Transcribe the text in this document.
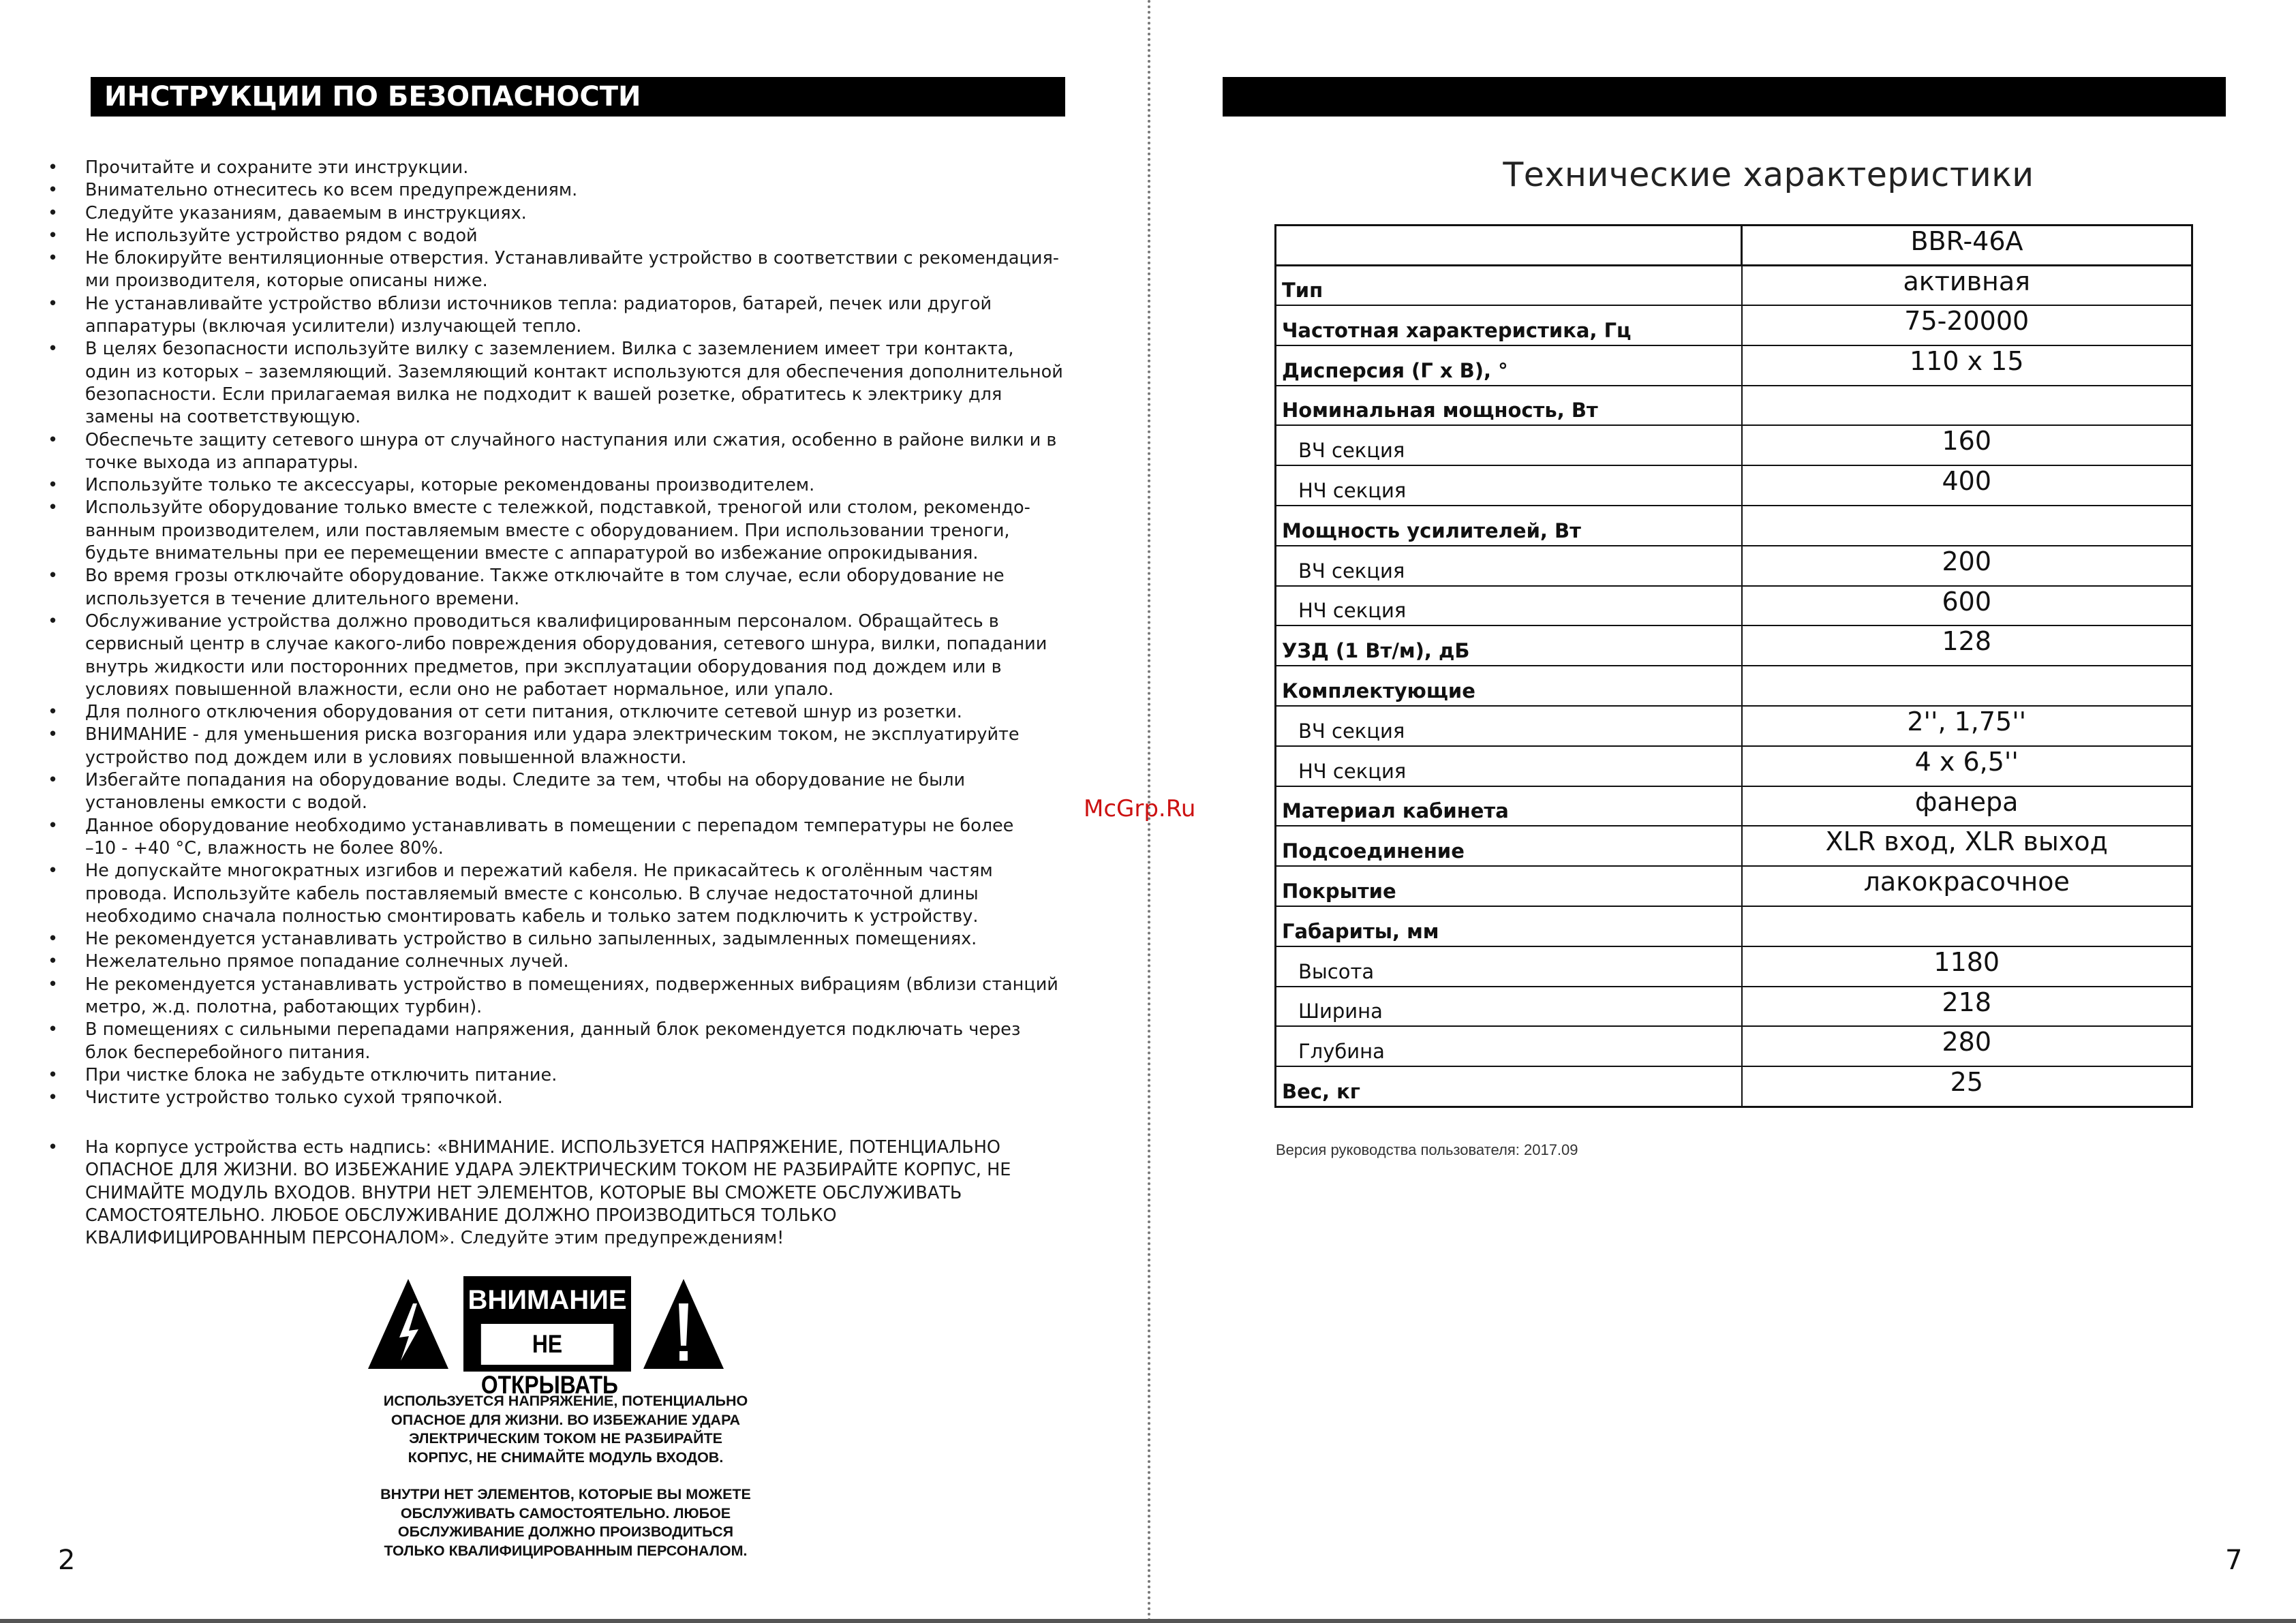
ИНСТРУКЦИИ ПО БЕЗОПАСНОСТИ
• Прочитайте и сохраните эти инструкции.
• Внимательно отнеситесь ко всем предупреждениям.
• Следуйте указаниям, даваемым в инструкциях.
• Не используйте устройство рядом с водой
• Не блокируйте вентиляционные отверстия. Устанавливайте устройство в соответствии с рекомендация-
ми производителя, которые описаны ниже.
• Не устанавливайте устройство вблизи источников тепла: радиаторов, батарей, печек или другой
аппаратуры (включая усилители) излучающей тепло.
• В целях безопасности используйте вилку с заземлением. Вилка с заземлением имеет три контакта,
один из которых – заземляющий. Заземляющий контакт используются для обеспечения дополнительной
безопасности. Если прилагаемая вилка не подходит к вашей розетке, обратитесь к электрику для
замены на соответствующую.
• Обеспечьте защиту сетевого шнура от случайного наступания или сжатия, особенно в районе вилки и в
точке выхода из аппаратуры.
• Используйте только те аксессуары, которые рекомендованы производителем.
• Используйте оборудование только вместе с тележкой, подставкой, треногой или столом, рекомендо-
ванным производителем, или поставляемым вместе с оборудованием. При использовании треноги,
будьте внимательны при ее перемещении вместе с аппаратурой во избежание опрокидывания.
• Во время грозы отключайте оборудование. Также отключайте в том случае, если оборудование не
используется в течение длительного времени.
• Обслуживание устройства должно проводиться квалифицированным персоналом. Обращайтесь в
сервисный центр в случае какого-либо повреждения оборудования, сетевого шнура, вилки, попадании
внутрь жидкости или посторонних предметов, при эксплуатации оборудования под дождем или в
условиях повышенной влажности, если оно не работает нормальное, или упало.
• Для полного отключения оборудования от сети питания, отключите сетевой шнур из розетки.
• ВНИМАНИЕ - для уменьшения риска возгорания или удара электрическим током, не эксплуатируйте
устройство под дождем или в условиях повышенной влажности.
• Избегайте попадания на оборудование воды. Следите за тем, чтобы на оборудование не были
установлены емкости с водой.
• Данное оборудование необходимо устанавливать в помещении с перепадом температуры не более
–10 - +40 °С, влажность не более 80%.
• Не допускайте многократных изгибов и пережатий кабеля. Не прикасайтесь к оголённым частям
провода. Используйте кабель поставляемый вместе с консолью. В случае недостаточной длины
необходимо сначала полностью смонтировать кабель и только затем подключить к устройству.
• Не рекомендуется устанавливать устройство в сильно запыленных, задымленных помещениях.
• Нежелательно прямое попадание солнечных лучей.
• Не рекомендуется устанавливать устройство в помещениях, подверженных вибрациям (вблизи станций
метро, ж.д. полотна, работающих турбин).
• В помещениях с сильными перепадами напряжения, данный блок рекомендуется подключать через
блок бесперебойного питания.
• При чистке блока не забудьте отключить питание.
• Чистите устройство только сухой тряпочкой.
• На корпусе устройства есть надпись: «ВНИМАНИЕ. ИСПОЛЬЗУЕТСЯ НАПРЯЖЕНИЕ, ПОТЕНЦИАЛЬНО
ОПАСНОЕ ДЛЯ ЖИЗНИ. ВО ИЗБЕЖАНИЕ УДАРА ЭЛЕКТРИЧЕСКИМ ТОКОМ НЕ РАЗБИРАЙТЕ КОРПУС, НЕ
СНИМАЙТЕ МОДУЛЬ ВХОДОВ. ВНУТРИ НЕТ ЭЛЕМЕНТОВ, КОТОРЫЕ ВЫ СМОЖЕТЕ ОБСЛУЖИВАТЬ
САМОСТОЯТЕЛЬНО. ЛЮБОЕ ОБСЛУЖИВАНИЕ ДОЛЖНО ПРОИЗВОДИТЬСЯ ТОЛЬКО
КВАЛИФИЦИРОВАННЫМ ПЕРСОНАЛОМ». Следуйте этим предупреждениям!
ВНИМАНИЕ
НЕ ОТКРЫВАТЬ

ИСПОЛЬЗУЕТСЯ НАПРЯЖЕНИЕ, ПОТЕНЦИАЛЬНО
ОПАСНОЕ ДЛЯ ЖИЗНИ. ВО ИЗБЕЖАНИЕ УДАРА
ЭЛЕКТРИЧЕСКИМ ТОКОМ НЕ РАЗБИРАЙТЕ
КОРПУС, НЕ СНИМАЙТЕ МОДУЛЬ ВХОДОВ.

ВНУТРИ НЕТ ЭЛЕМЕНТОВ, КОТОРЫЕ ВЫ МОЖЕТЕ
ОБСЛУЖИВАТЬ САМОСТОЯТЕЛЬНО. ЛЮБОЕ
ОБСЛУЖИВАНИЕ ДОЛЖНО ПРОИЗВОДИТЬСЯ
ТОЛЬКО КВАЛИФИЦИРОВАННЫМ ПЕРСОНАЛОМ.

2
McGrp.Ru
7
Технические характеристики
	BBR-46A
Тип	активная
Частотная характеристика, Гц	75-20000
Дисперсия (Г x В), °	110 x 15
Номинальная мощность, Вт	
ВЧ секция	160
НЧ секция	400
Мощность усилителей, Вт	
ВЧ секция	200
НЧ секция	600
УЗД (1 Вт/м), дБ	128
Комплектующие	
ВЧ секция	2'', 1,75''
НЧ секция	4 x 6,5''
Материал кабинета	фанера
Подсоединение	XLR вход, XLR выход
Покрытие	лакокрасочное
Габариты, мм	
Высота	1180
Ширина	218
Глубина	280
Вес, кг	25
Версия руководства пользователя: 2017.09
